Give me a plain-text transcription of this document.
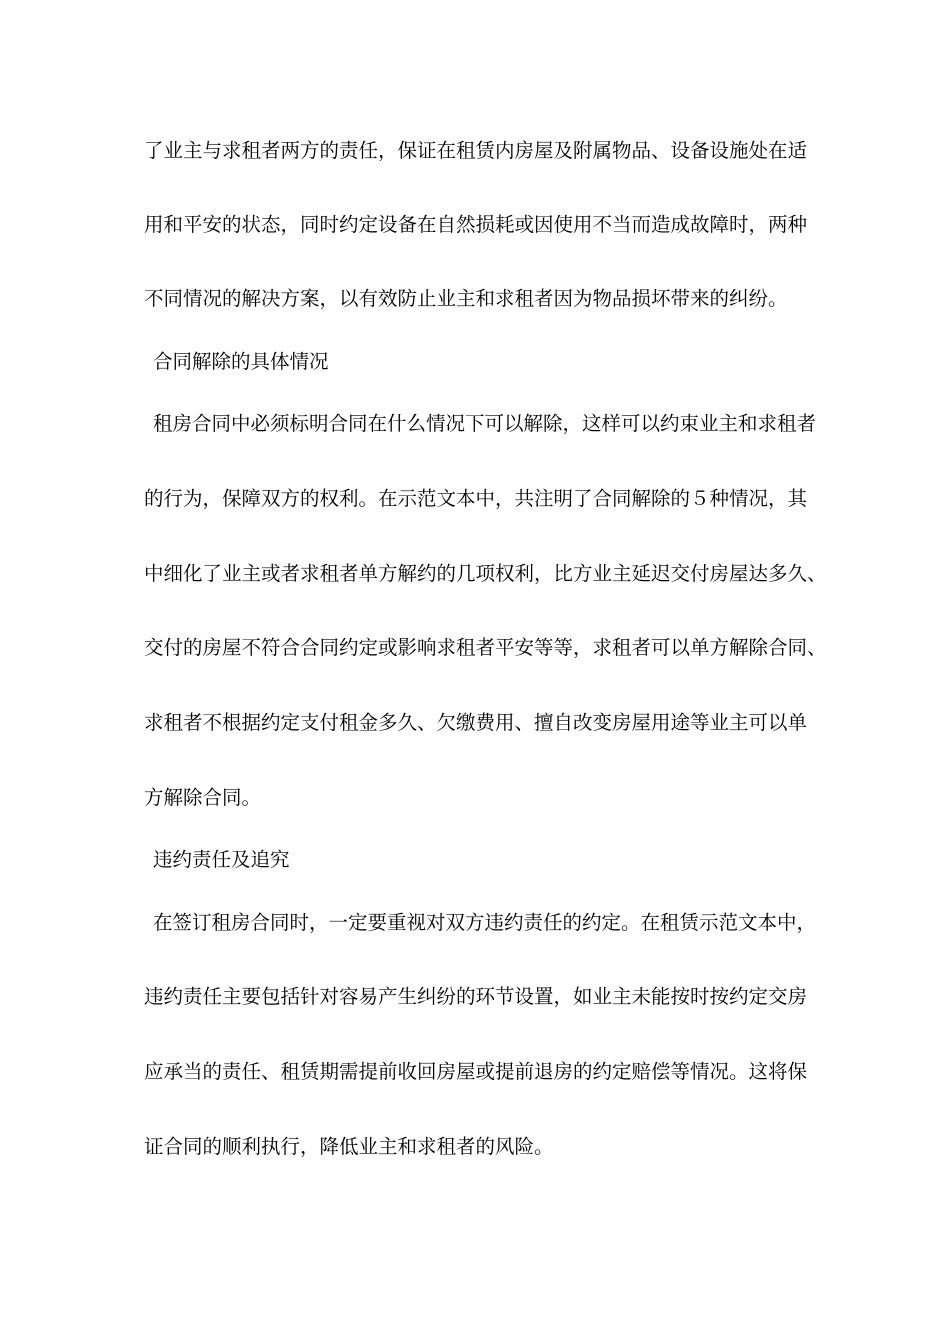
了业主与求租者两方的责任，保证在租赁内房屋及附属物品、设备设施处在适
用和平安的状态，同时约定设备在自然损耗或因使用不当而造成故障时，两种
不同情况的解决方案，以有效防止业主和求租者因为物品损坏带来的纠纷。
合同解除的具体情况
租房合同中必须标明合同在什么情况下可以解除，这样可以约束业主和求租者
的行为，保障双方的权利。在示范文本中，共注明了合同解除的５种情况，其
中细化了业主或者求租者单方解约的几项权利，比方业主延迟交付房屋达多久、
交付的房屋不符合合同约定或影响求租者平安等等，求租者可以单方解除合同、
求租者不根据约定支付租金多久、欠缴费用、擅自改变房屋用途等业主可以单
方解除合同。
违约责任及追究
在签订租房合同时，一定要重视对双方违约责任的约定。在租赁示范文本中，
违约责任主要包括针对容易产生纠纷的环节设置，如业主未能按时按约定交房
应承当的责任、租赁期需提前收回房屋或提前退房的约定赔偿等情况。这将保
证合同的顺利执行，降低业主和求租者的风险。
